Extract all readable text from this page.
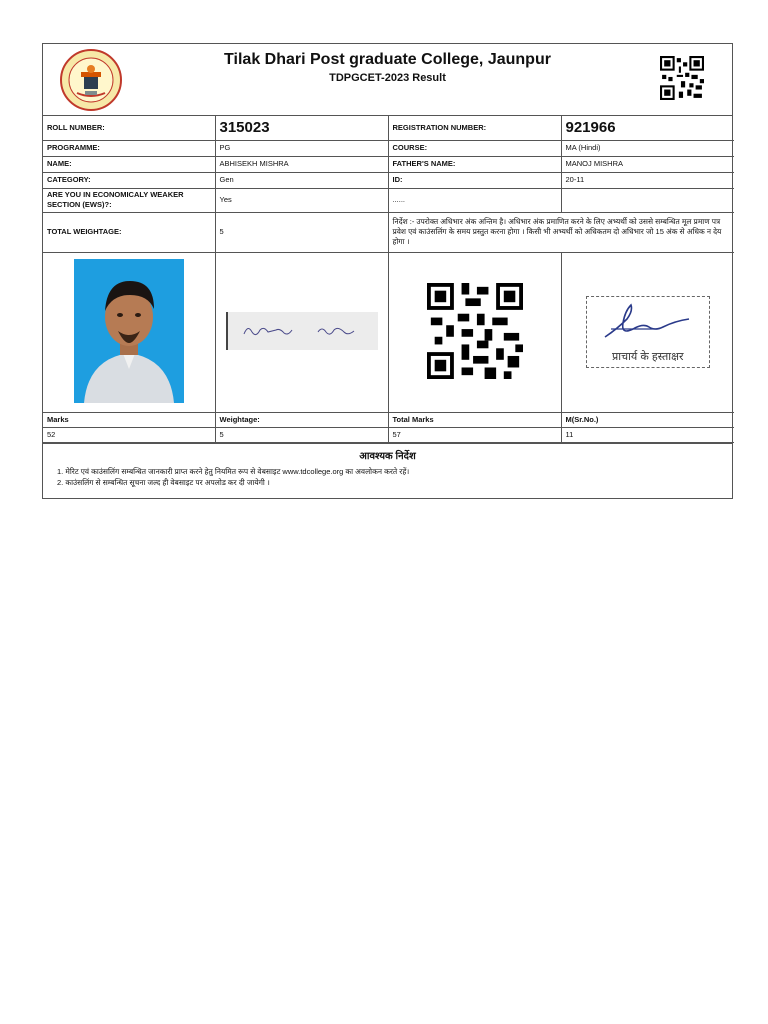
Tilak Dhari Post graduate College, Jaunpur
TDPGCET-2023 Result
ROLL NUMBER:	315023	REGISTRATION NUMBER:	921966
PROGRAMME:	PG	COURSE:	MA (Hindi)
NAME:	ABHISEKH MISHRA	FATHER'S NAME:	MANOJ MISHRA
CATEGORY:	Gen	ID:	20-11
ARE YOU IN ECONOMICALY WEAKER SECTION (EWS)?:	Yes	......	
TOTAL WEIGHTAGE:	5	निर्देश :- उपरोक्त अधिभार अंक अन्तिम है। अधिभार अंक प्रमाणित करने के लिए अभ्यर्थी को उससे सम्बन्धित मूल प्रमाण पत्र प्रवेश एवं काउंसलिंग के समय प्रस्तुत करना होगा । किसी भी अभ्यर्थी को अधिकतम दो अधिभार जो 15 अंक से अधिक न देय होगा ।	

प्राचार्य के हस्ताक्षर

Marks	Weightage:	Total Marks	M(Sr.No.)
52	5	57	11
आवश्यक निर्देश
1. मेरिट एवं काउंसलिंग सम्बन्धित जानकारी प्राप्त करने हेतु नियमित रूप से वेबसाइट www.tdcollege.org का अवलोकन करते रहें।
2. काउंसलिंग से सम्बन्धित सूचना जल्द ही वेबसाइट पर अपलोड कर दी जायेगी ।
